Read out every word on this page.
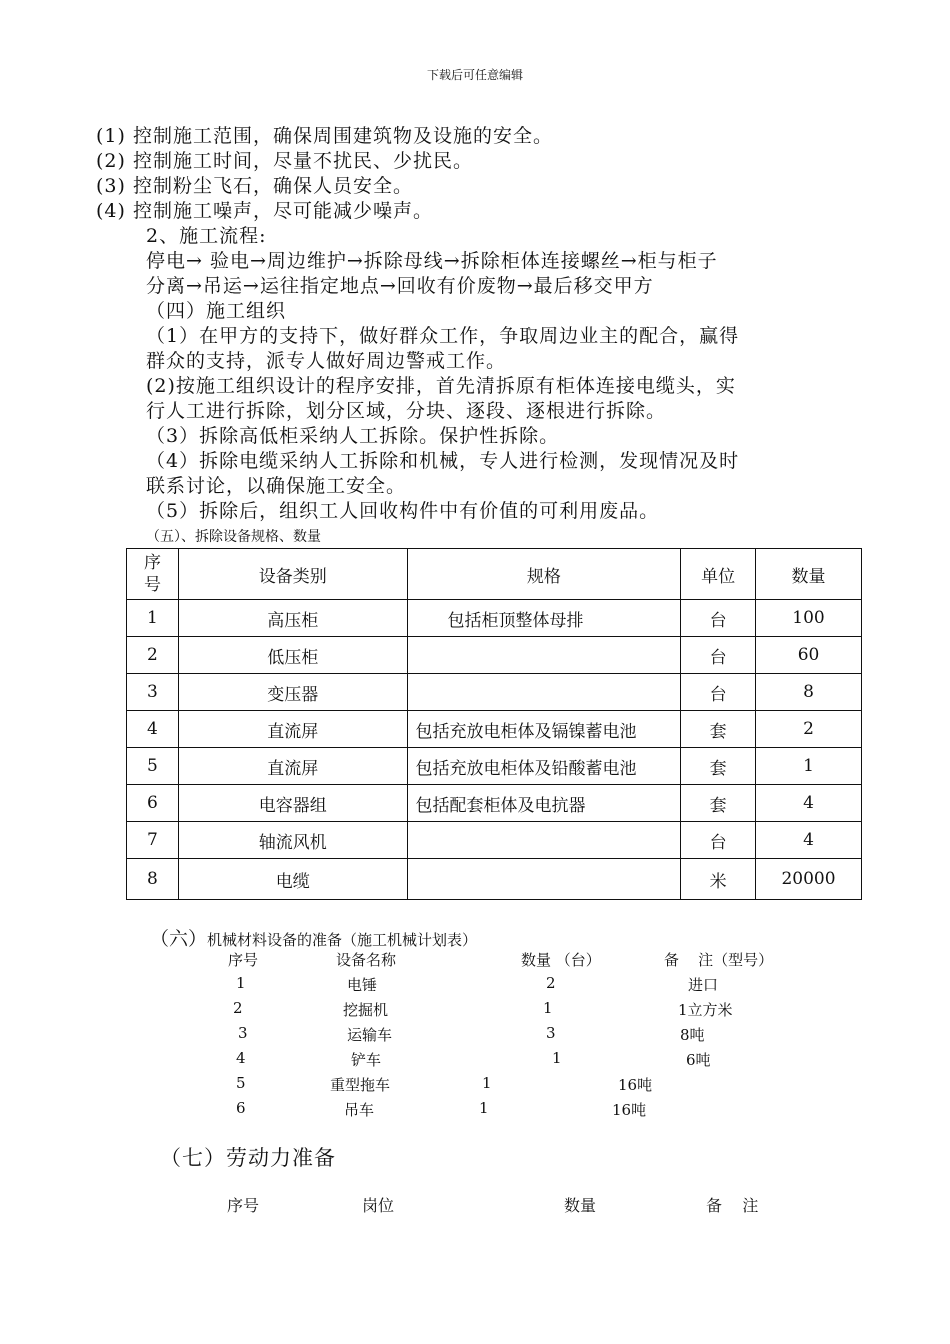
下载后可任意编辑
(1) 控制施工范围，确保周围建筑物及设施的安全。
(2) 控制施工时间，尽量不扰民、少扰民。
(3) 控制粉尘飞石，确保人员安全。
(4) 控制施工噪声，尽可能减少噪声。
2、施工流程:
停电→ 验电→周边维护→拆除母线→拆除柜体连接螺丝→柜与柜子
分离→吊运→运往指定地点→回收有价废物→最后移交甲方
（四）施工组织
（1）在甲方的支持下，做好群众工作，争取周边业主的配合，赢得
群众的支持，派专人做好周边警戒工作。
(2)按施工组织设计的程序安排，首先清拆原有柜体连接电缆头，实
行人工进行拆除，划分区域，分块、逐段、逐根进行拆除。
（3）拆除高低柜采纳人工拆除。保护性拆除。
（4）拆除电缆采纳人工拆除和机械，专人进行检测，发现情况及时
联系讨论，以确保施工安全。
（5）拆除后，组织工人回收构件中有价值的可利用废品。
（五）、拆除设备规格、数量
序号	设备类别	规格	单位	数量
1	高压柜	包括柜顶整体母排	台	100
2	低压柜		台	60
3	变压器		台	8
4	直流屏	包括充放电柜体及镉镍蓄电池	套	2
5	直流屏	包括充放电柜体及铅酸蓄电池	套	1
6	电容器组	包括配套柜体及电抗器	套	4
7	轴流风机		台	4
8	电缆		米	20000
（六）机械材料设备的准备（施工机械计划表）
序号	设备名称	数量 （台）	备    注（型号）
1	电锤	2	进口
2	挖掘机	1	1立方米
3	运输车	3	8吨
4	铲车	1	6吨
5	重型拖车	1	16吨
6	吊车	1	16吨
（七）劳动力准备
序号	岗位	数量	备    注
